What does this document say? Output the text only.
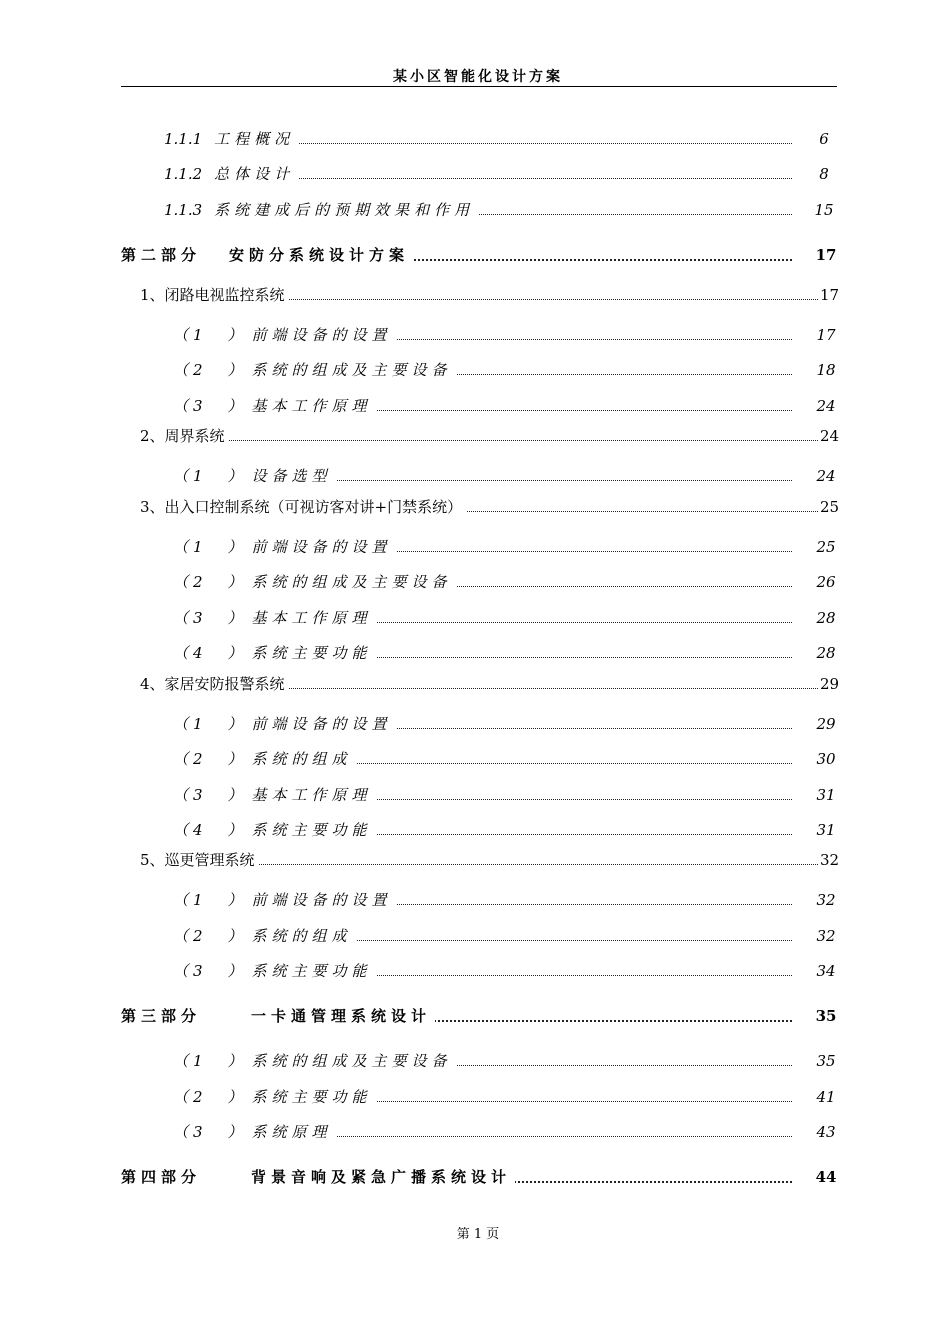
某小区智能化设计方案
1.1.1 工程概况	6
1.1.2 总体设计	8
1.1.3 系统建成后的预期效果和作用	15
第二部分 安防分系统设计方案	17
1、闭路电视监控系统	17
（1　） 前端设备的设置	17
（2　） 系统的组成及主要设备	18
（3　） 基本工作原理	24
2、周界系统	24
（1　） 设备选型	24
3、出入口控制系统（可视访客对讲+门禁系统）	25
（1　） 前端设备的设置	25
（2　） 系统的组成及主要设备	26
（3　） 基本工作原理	28
（4　） 系统主要功能	28
4、家居安防报警系统	29
（1　） 前端设备的设置	29
（2　） 系统的组成	30
（3　） 基本工作原理	31
（4　） 系统主要功能	31
5、巡更管理系统	32
（1　） 前端设备的设置	32
（2　） 系统的组成	32
（3　） 系统主要功能	34
第三部分	一卡通管理系统设计	35
（1　） 系统的组成及主要设备	35
（2　） 系统主要功能	41
（3　） 系统原理	43
第四部分	背景音响及紧急广播系统设计	44
第 1 页
